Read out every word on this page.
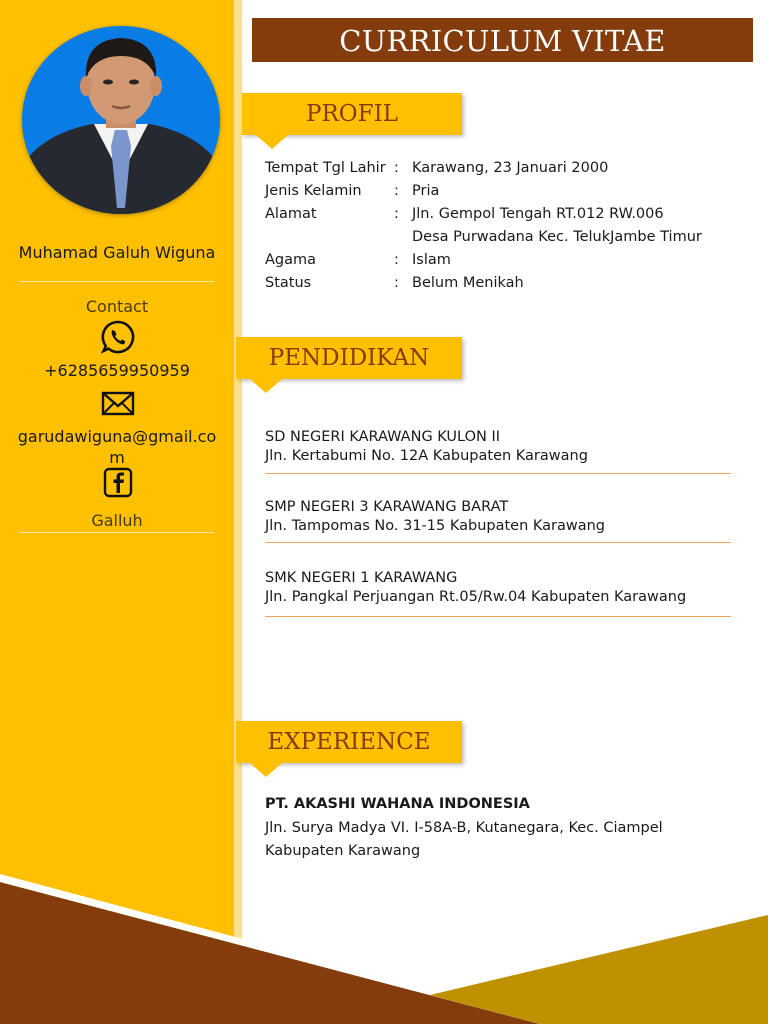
Muhamad Galuh Wiguna
Contact
+6285659950959
garudawiguna@gmail.co
m
Galluh
CURRICULUM VITAE
PROFIL
Tempat Tgl Lahir : Karawang, 23 Januari 2000
Jenis Kelamin : Pria
Alamat	: Jln. Gempol Tengah RT.012 RW.006
Desa Purwadana Kec. TelukJambe Timur
Agama	: Islam
Status	: Belum Menikah
PENDIDIKAN
SD NEGERI KARAWANG KULON II
Jln. Kertabumi No. 12A Kabupaten Karawang
SMP NEGERI 3 KARAWANG BARAT
Jln. Tampomas No. 31-15 Kabupaten Karawang
SMK NEGERI 1 KARAWANG
Jln. Pangkal Perjuangan Rt.05/Rw.04 Kabupaten Karawang
EXPERIENCE
PT. AKASHI WAHANA INDONESIA
Jln. Surya Madya VI. I-58A-B, Kutanegara, Kec. Ciampel Kabupaten Karawang
